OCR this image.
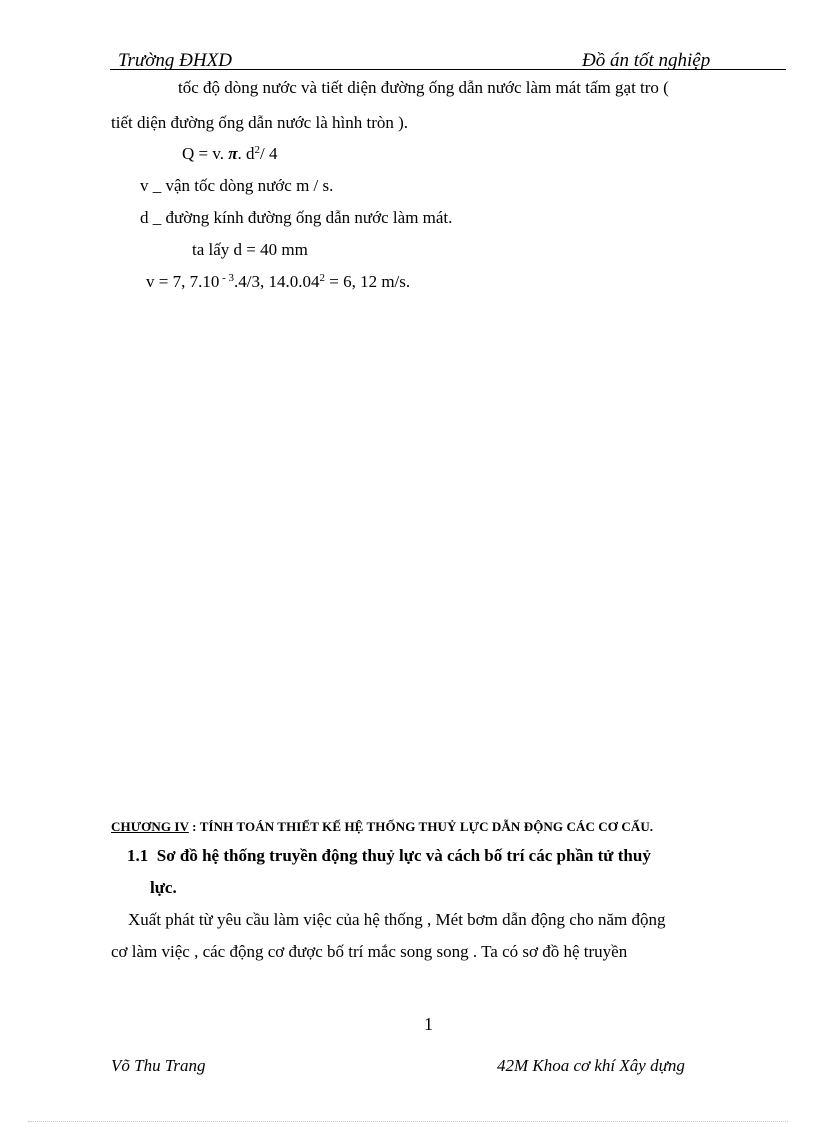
Trường ĐHXD	Đồ án tốt nghiệp
tốc độ dòng nước và tiết diện đường ống dẫn nước làm mát tấm gạt tro (
tiết diện đường ống dẫn nước là hình tròn ).
Q = v. π. $d^2/$ 4
v _ vận tốc dòng nước m / s.
d _ đường kính đường ống dẫn nước làm mát.
ta lấy d = 40 mm
v = 7, 7.10 $^{- 3}$.4/3, $14.0.04^2 = 6$, 12 m/s.
CHƯƠNG IV : TÍNH TOÁN THIẾT KẾ HỆ THỐNG THUỶ LỰC DẪN ĐỘNG CÁC CƠ CẤU.
1.1 Sơ đồ hệ thống truyền động thuỷ lực và cách bố trí các phần tử thuỷ
lực.
Xuất phát từ yêu cầu làm việc của hệ thống , Mét bơm dẫn động cho năm động
cơ làm việc , các động cơ được bố trí mắc song song . Ta có sơ đồ hệ truyền
1
Võ Thu Trang	42M Khoa cơ khí Xây dựng
